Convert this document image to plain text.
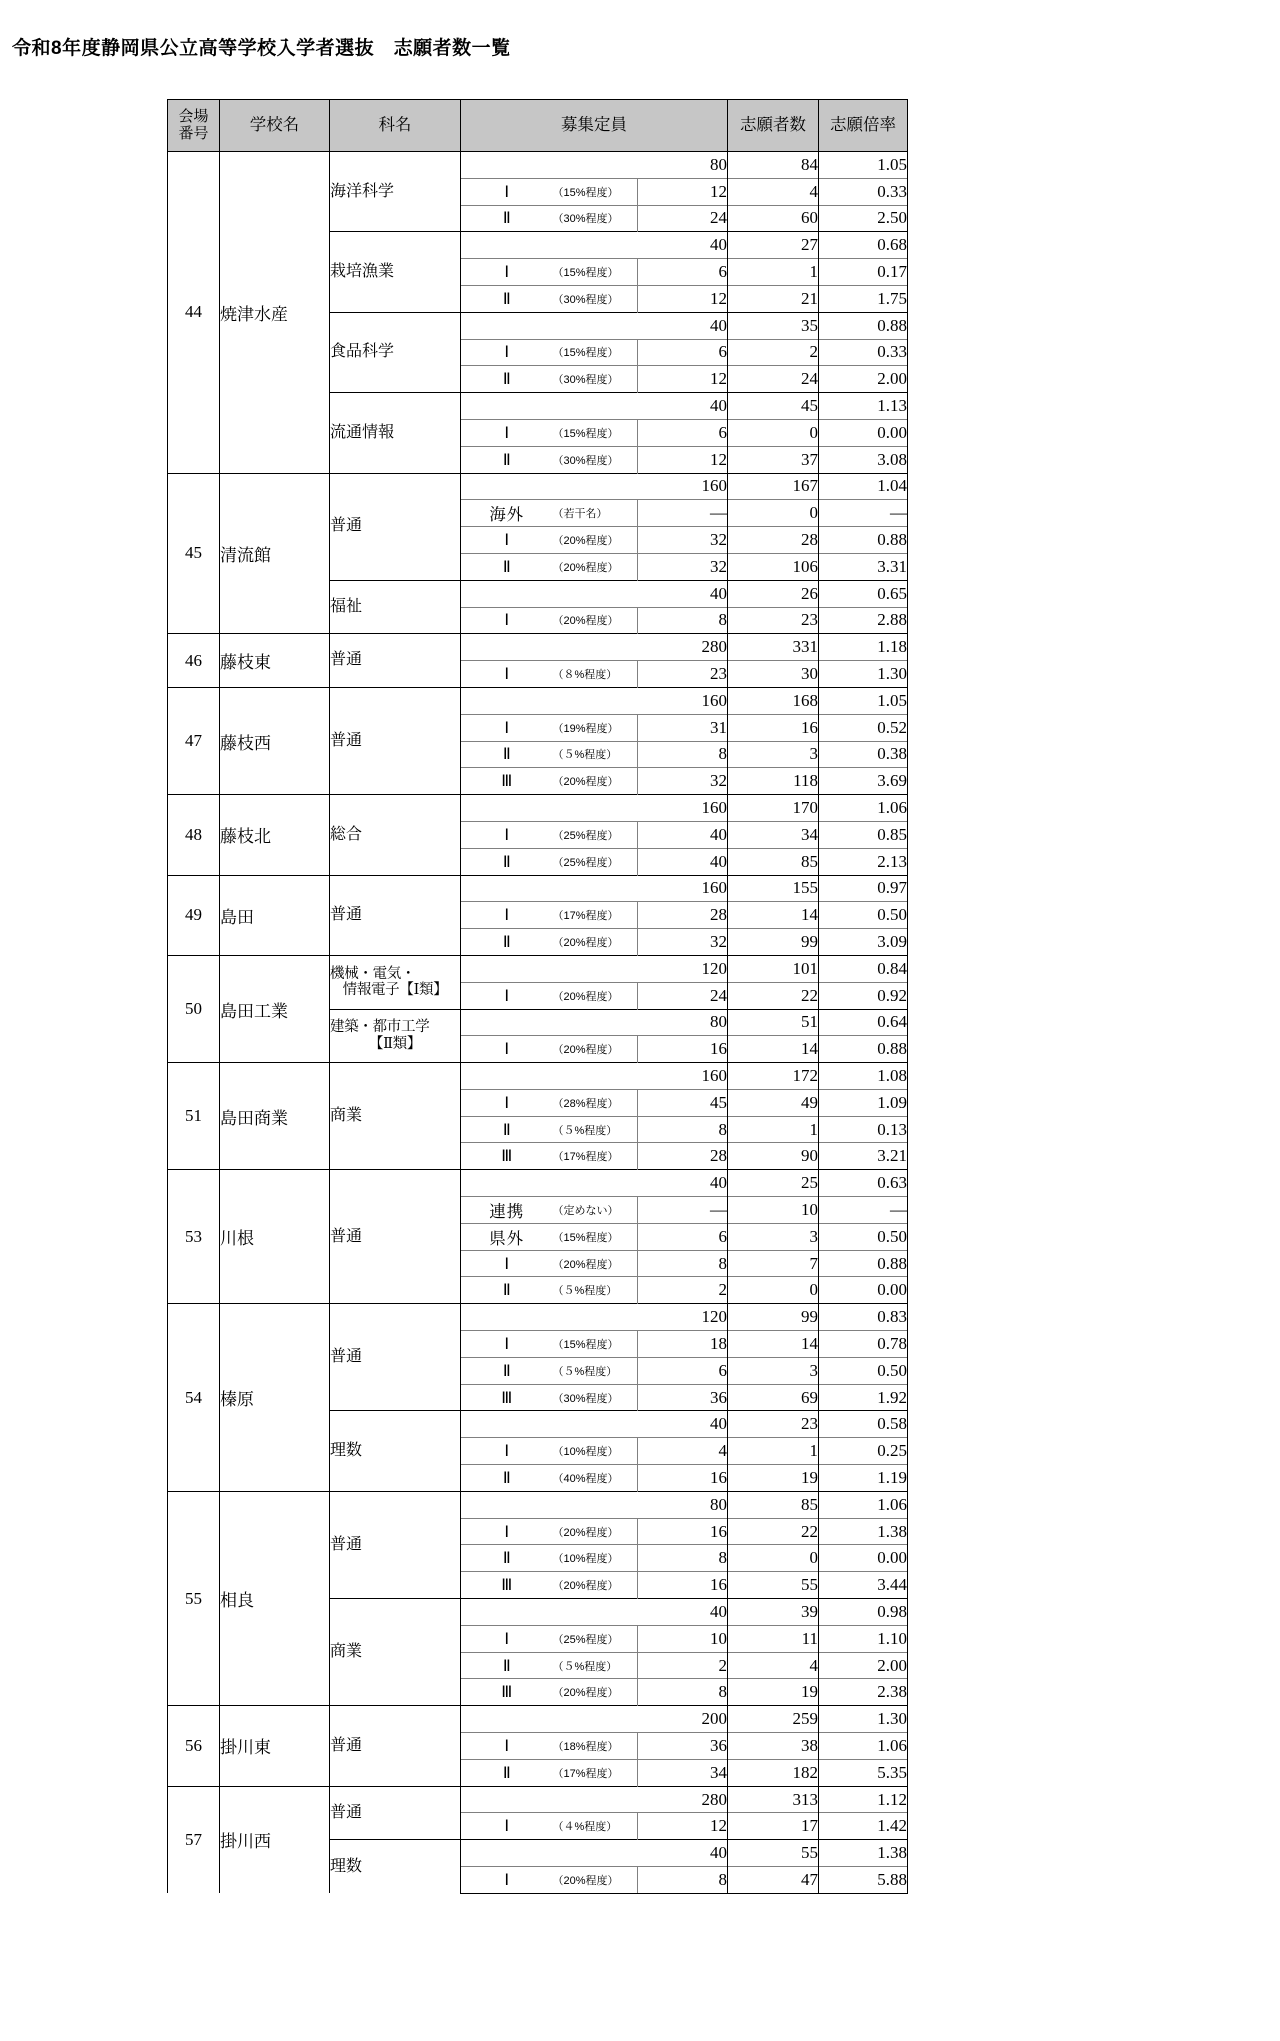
令和8年度静岡県公立高等学校入学者選抜　志願者数一覧
会場
番号	学校名	科名	募集定員			志願者数	志願倍率
44	焼津水産	海洋科学			80	84	1.05
			Ⅰ	（15%程度）	12	4	0.33
			Ⅱ	（30%程度）	24	60	2.50
		栽培漁業			40	27	0.68
			Ⅰ	（15%程度）	6	1	0.17
			Ⅱ	（30%程度）	12	21	1.75
		食品科学			40	35	0.88
			Ⅰ	（15%程度）	6	2	0.33
			Ⅱ	（30%程度）	12	24	2.00
		流通情報			40	45	1.13
			Ⅰ	（15%程度）	6	0	0.00
			Ⅱ	（30%程度）	12	37	3.08
45	清流館	普通			160	167	1.04
			海外	（若干名）	―	0	―
			Ⅰ	（20%程度）	32	28	0.88
			Ⅱ	（20%程度）	32	106	3.31
		福祉			40	26	0.65
			Ⅰ	（20%程度）	8	23	2.88
46	藤枝東	普通			280	331	1.18
			Ⅰ	（８%程度）	23	30	1.30
47	藤枝西	普通			160	168	1.05
			Ⅰ	（19%程度）	31	16	0.52
			Ⅱ	（５%程度）	8	3	0.38
			Ⅲ	（20%程度）	32	118	3.69
48	藤枝北	総合			160	170	1.06
			Ⅰ	（25%程度）	40	34	0.85
			Ⅱ	（25%程度）	40	85	2.13
49	島田	普通			160	155	0.97
			Ⅰ	（17%程度）	28	14	0.50
			Ⅱ	（20%程度）	32	99	3.09
50	島田工業	機械・電気・
情報電子【Ⅰ類】			120	101	0.84
			Ⅰ	（20%程度）	24	22	0.92
		建築・都市工学
【Ⅱ類】			80	51	0.64
			Ⅰ	（20%程度）	16	14	0.88
51	島田商業	商業			160	172	1.08
			Ⅰ	（28%程度）	45	49	1.09
			Ⅱ	（５%程度）	8	1	0.13
			Ⅲ	（17%程度）	28	90	3.21
53	川根	普通			40	25	0.63
			連携	（定めない）	―	10	―
			県外	（15%程度）	6	3	0.50
			Ⅰ	（20%程度）	8	7	0.88
			Ⅱ	（５%程度）	2	0	0.00
54	榛原	普通			120	99	0.83
			Ⅰ	（15%程度）	18	14	0.78
			Ⅱ	（５%程度）	6	3	0.50
			Ⅲ	（30%程度）	36	69	1.92
		理数			40	23	0.58
			Ⅰ	（10%程度）	4	1	0.25
			Ⅱ	（40%程度）	16	19	1.19
55	相良	普通			80	85	1.06
			Ⅰ	（20%程度）	16	22	1.38
			Ⅱ	（10%程度）	8	0	0.00
			Ⅲ	（20%程度）	16	55	3.44
		商業			40	39	0.98
			Ⅰ	（25%程度）	10	11	1.10
			Ⅱ	（５%程度）	2	4	2.00
			Ⅲ	（20%程度）	8	19	2.38
56	掛川東	普通			200	259	1.30
			Ⅰ	（18%程度）	36	38	1.06
			Ⅱ	（17%程度）	34	182	5.35
57	掛川西	普通			280	313	1.12
			Ⅰ	（４%程度）	12	17	1.42
		理数			40	55	1.38
			Ⅰ	（20%程度）	8	47	5.88
